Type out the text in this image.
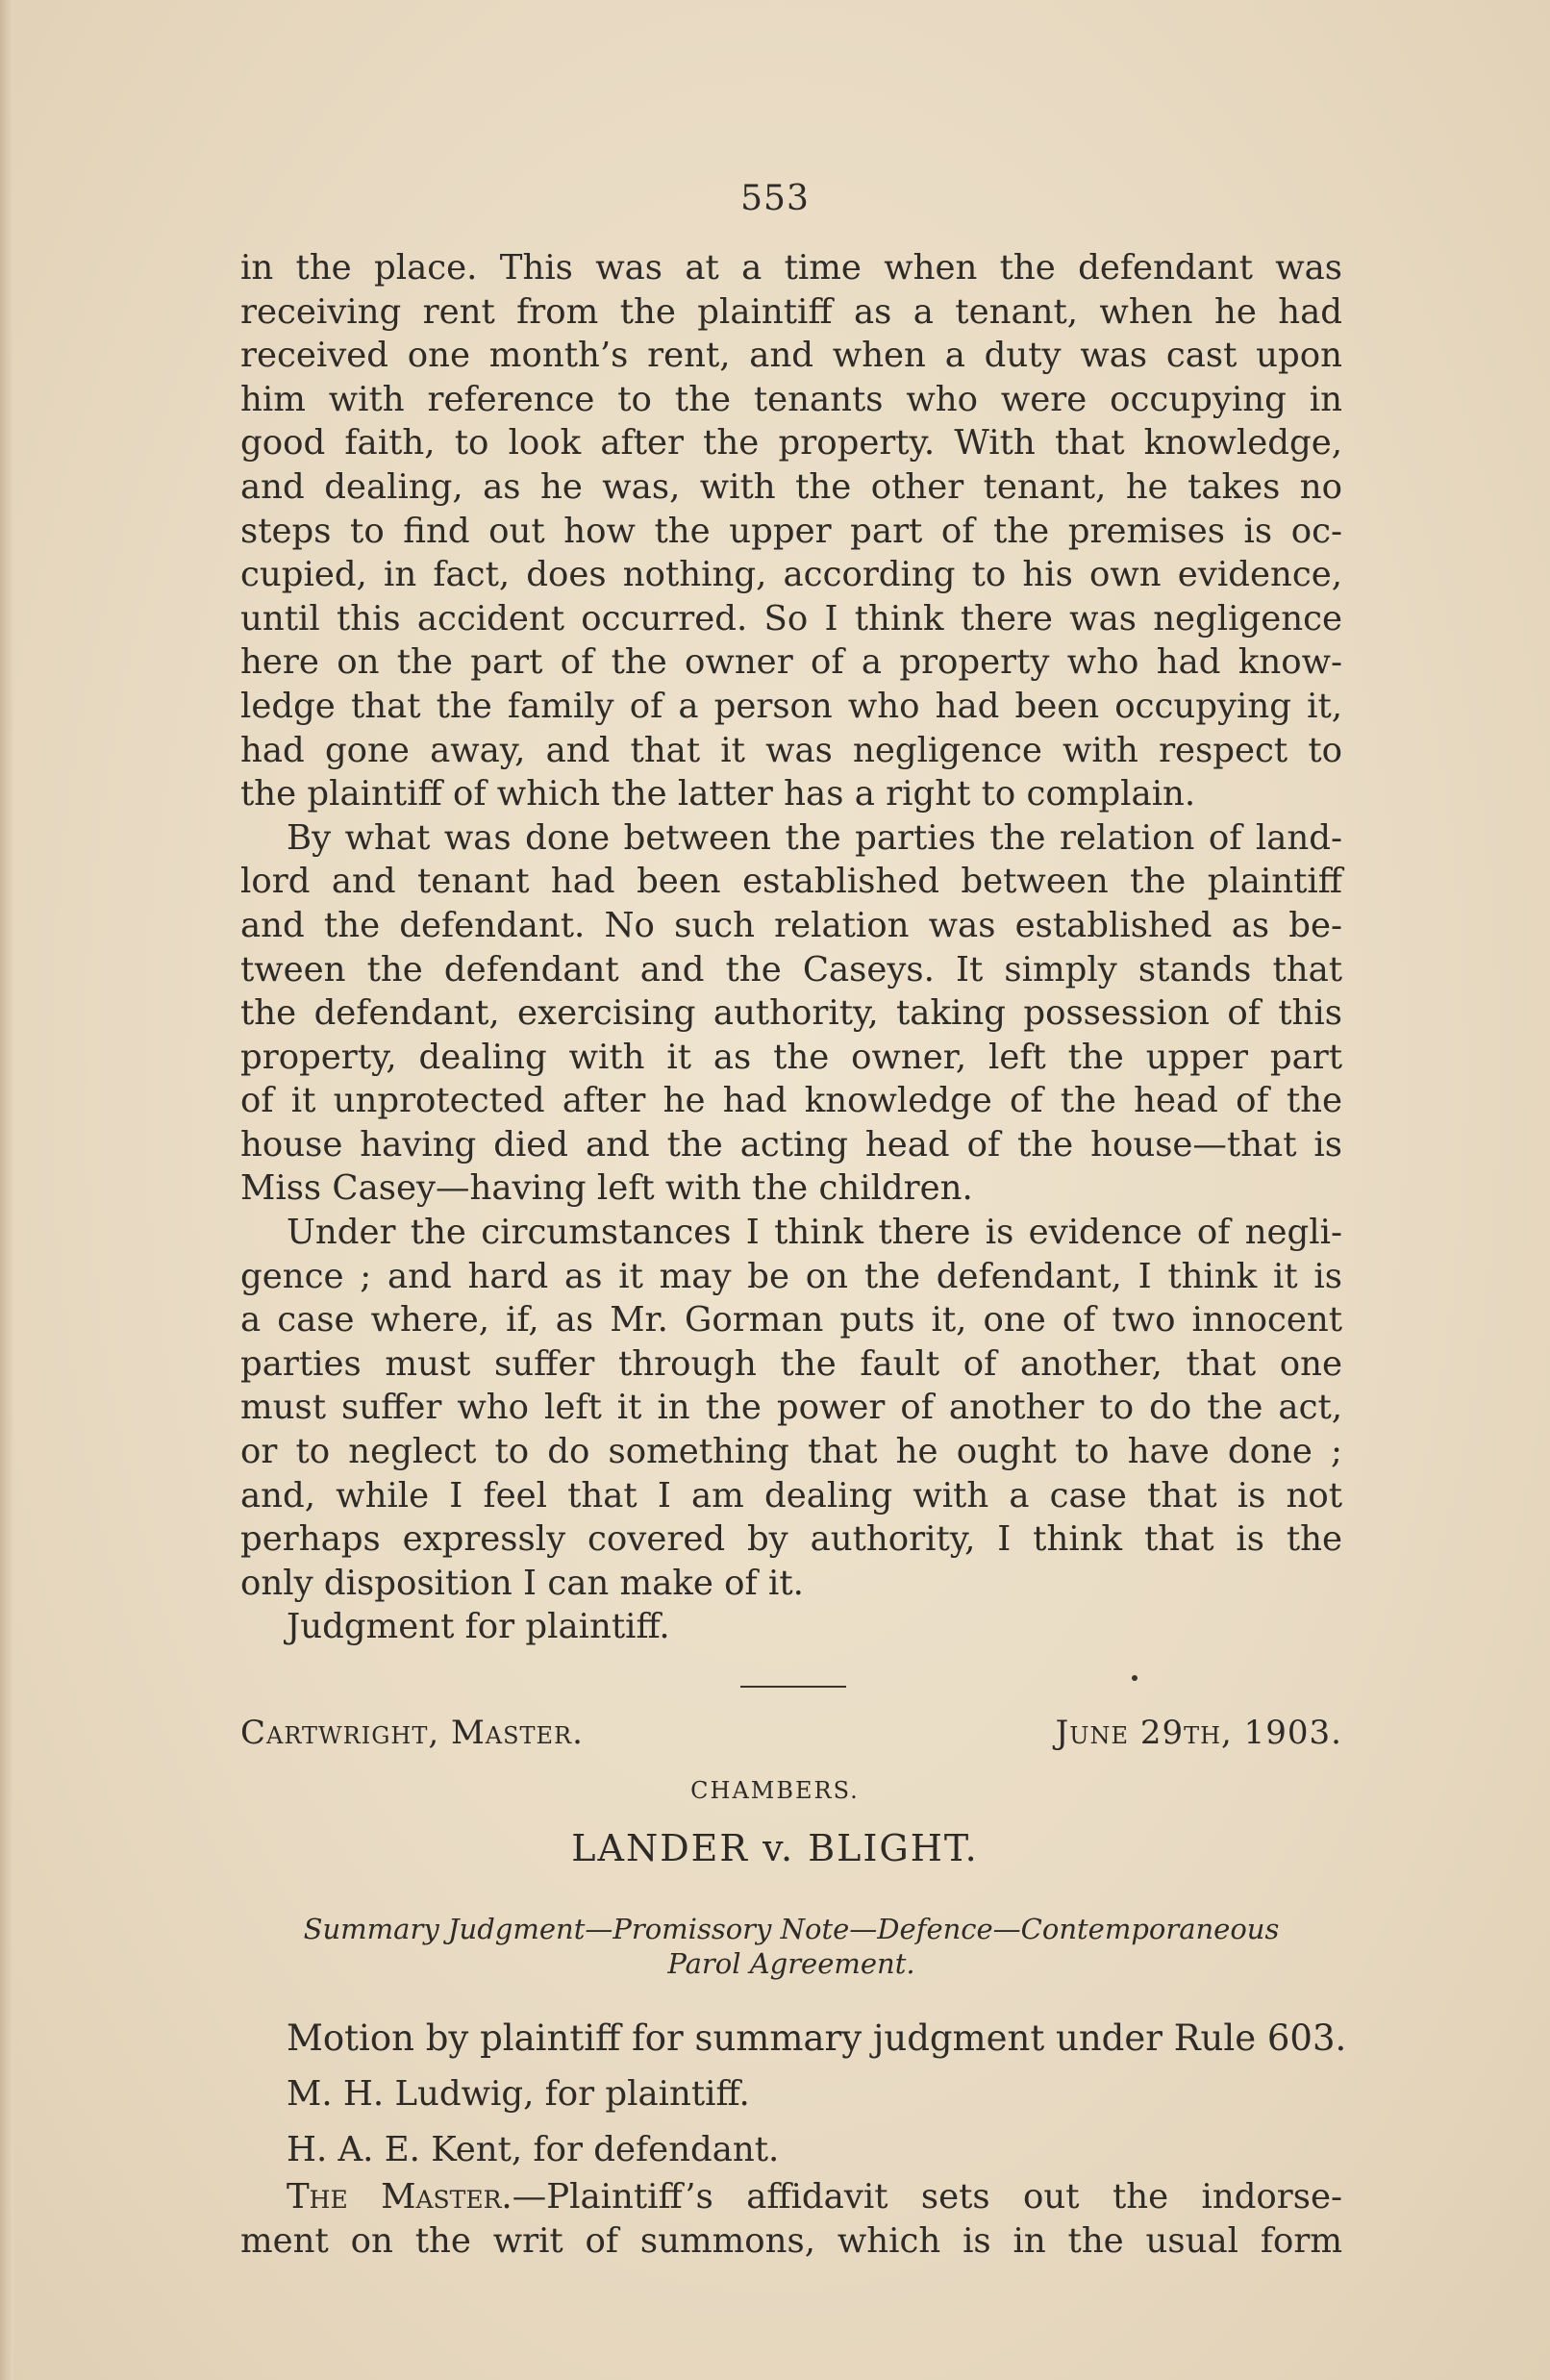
553
in the place. This was at a time when the defendant was
receiving rent from the plaintiff as a tenant, when he had
received one month’s rent, and when a duty was cast upon
him with reference to the tenants who were occupying in
good faith, to look after the property. With that knowledge,
and dealing, as he was, with the other tenant, he takes no
steps to find out how the upper part of the premises is oc-
cupied, in fact, does nothing, according to his own evidence,
until this accident occurred. So I think there was negligence
here on the part of the owner of a property who had know-
ledge that the family of a person who had been occupying it,
had gone away, and that it was negligence with respect to
the plaintiff of which the latter has a right to complain.
By what was done between the parties the relation of land-
lord and tenant had been established between the plaintiff
and the defendant. No such relation was established as be-
tween the defendant and the Caseys. It simply stands that
the defendant, exercising authority, taking possession of this
property, dealing with it as the owner, left the upper part
of it unprotected after he had knowledge of the head of the
house having died and the acting head of the house—that is
Miss Casey—having left with the children.
Under the circumstances I think there is evidence of negli-
gence ; and hard as it may be on the defendant, I think it is
a case where, if, as Mr. Gorman puts it, one of two innocent
parties must suffer through the fault of another, that one
must suffer who left it in the power of another to do the act,
or to neglect to do something that he ought to have done ;
and, while I feel that I am dealing with a case that is not
perhaps expressly covered by authority, I think that is the
only disposition I can make of it.
Judgment for plaintiff.
Cartwright, Master.	June 29th, 1903.
CHAMBERS.
LANDER v. BLIGHT.
Summary Judgment—Promissory Note—Defence—Contemporaneous
Parol Agreement.
Motion by plaintiff for summary judgment under Rule 603.
M. H. Ludwig, for plaintiff.
H. A. E. Kent, for defendant.
The Master.—Plaintiff’s affidavit sets out the indorse-
ment on the writ of summons, which is in the usual form
